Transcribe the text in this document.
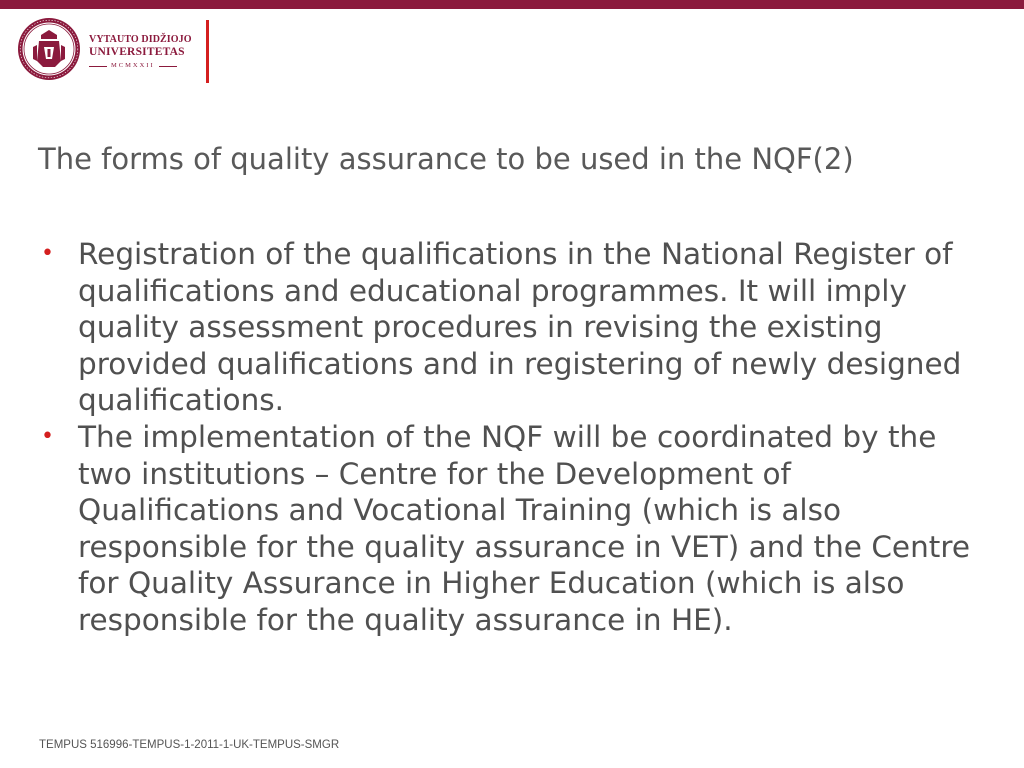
VYTAUTO DIDŽIOJO
UNIVERSITETAS
MCMXXII
The forms of quality assurance to be used in the NQF(2)
• Registration of the qualifications in the National Register of qualifications and educational programmes. It will imply quality assessment procedures in revising the existing provided qualifications and in registering of newly designed qualifications.
• The implementation of the NQF will be coordinated by the two institutions – Centre for the Development of Qualifications and Vocational Training (which is also responsible for the quality assurance in VET) and the Centre for Quality Assurance in Higher Education (which is also responsible for the quality assurance in HE).
TEMPUS 516996-TEMPUS-1-2011-1-UK-TEMPUS-SMGR
